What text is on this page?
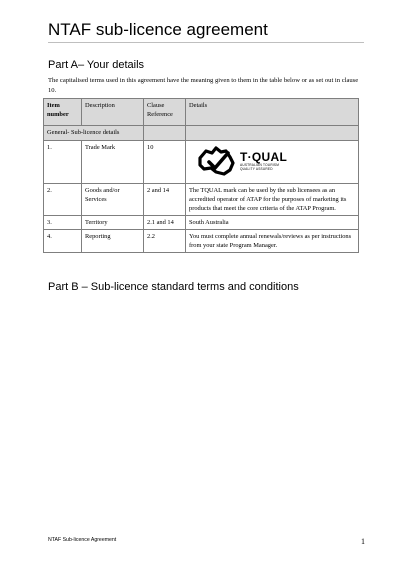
NTAF sub-licence agreement
Part A– Your details
The capitalised terms used in this agreement have the meaning given to them in the table below or as set out in clause 10.
Item number	Description	Clause Reference	Details
General- Sub-licence details			
1.	Trade Mark	10	T·QUAL
AUSTRALIAN TOURISM
QUALITY ASSURED

2.	Goods and/or Services	2 and 14	The TQUAL mark can be used by the sub licensees as an accredited operator of ATAP for the purposes of marketing its products that meet the core criteria of the ATAP Program.
3.	Territory	2.1 and 14	South Australia
4.	Reporting	2.2	You must complete annual renewals/reviews as per instructions from your state Program Manager.
Part B – Sub-licence standard terms and conditions
NTAF Sub-licence Agreement	1
